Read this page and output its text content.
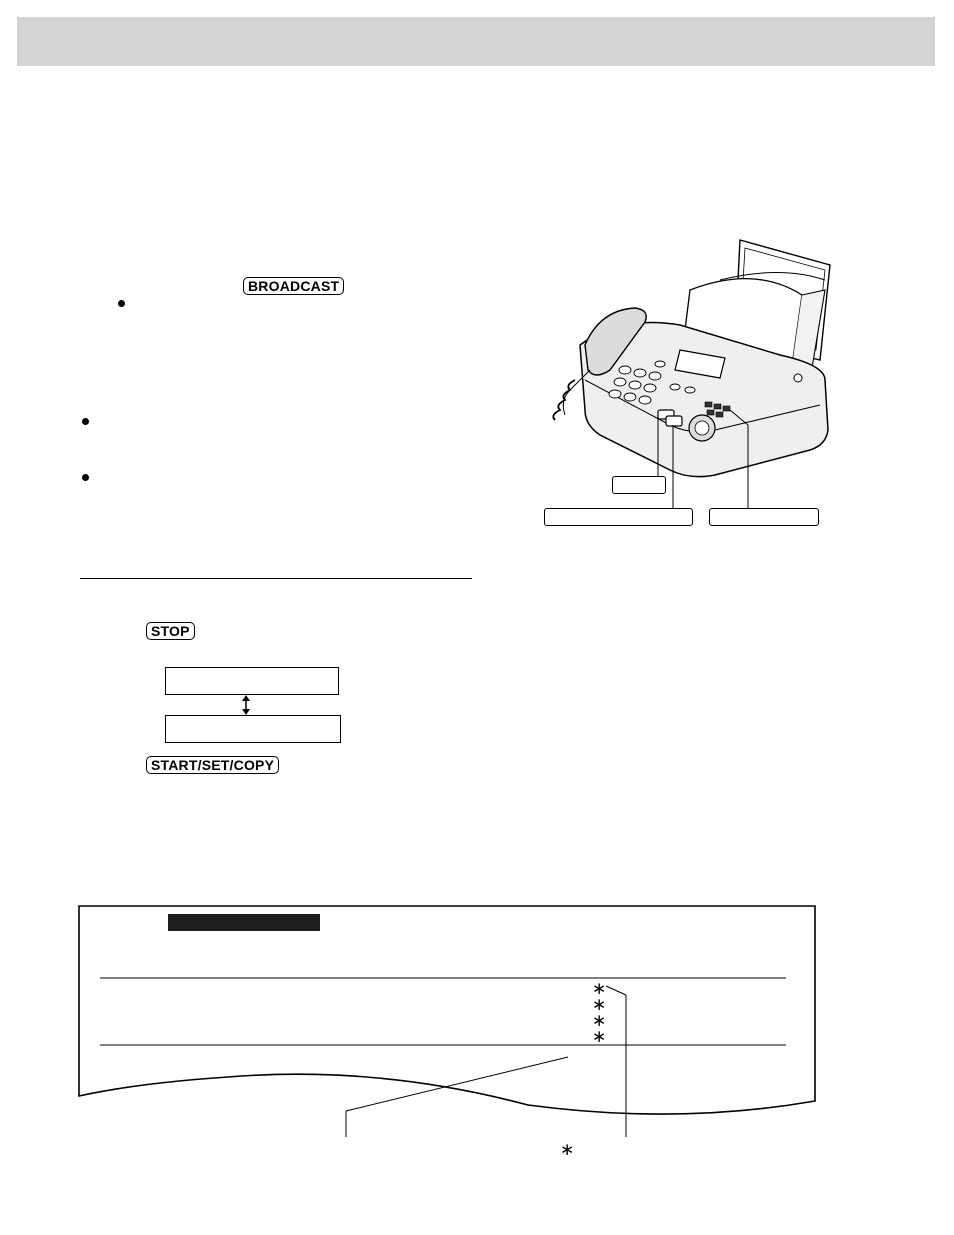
BROADCAST
STOP
START/SET/COPY
∗
∗
∗
∗
∗
